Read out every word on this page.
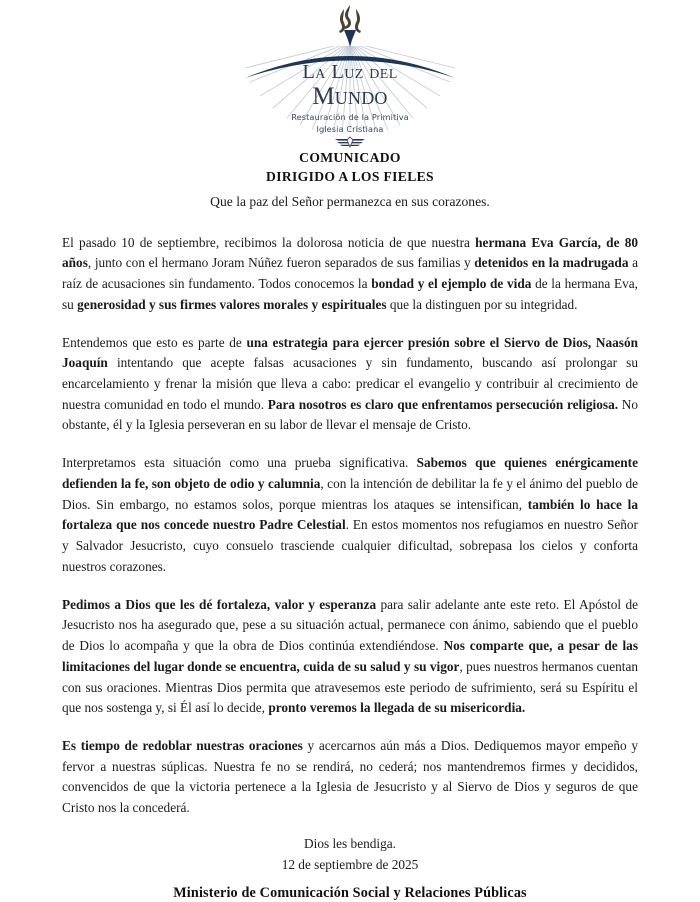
La Luz del
Mundo
Restauración de la Primitiva
Iglesia Cristiana
COMUNICADO
DIRIGIDO A LOS FIELES
Que la paz del Señor permanezca en sus corazones.

El pasado 10 de septiembre, recibimos la dolorosa noticia de que nuestra hermana Eva García, de 80 años, junto con el hermano Joram Núñez fueron separados de sus familias y detenidos en la madrugada a raíz de acusaciones sin fundamento. Todos conocemos la bondad y el ejemplo de vida de la hermana Eva, su generosidad y sus firmes valores morales y espirituales que la distinguen por su integridad.

Entendemos que esto es parte de una estrategia para ejercer presión sobre el Siervo de Dios, Naasón Joaquín intentando que acepte falsas acusaciones y sin fundamento, buscando así prolongar su encarcelamiento y frenar la misión que lleva a cabo: predicar el evangelio y contribuir al crecimiento de nuestra comunidad en todo el mundo. Para nosotros es claro que enfrentamos persecución religiosa. No obstante, él y la Iglesia perseveran en su labor de llevar el mensaje de Cristo.

Interpretamos esta situación como una prueba significativa. Sabemos que quienes enérgicamente defienden la fe, son objeto de odio y calumnia, con la intención de debilitar la fe y el ánimo del pueblo de Dios. Sin embargo, no estamos solos, porque mientras los ataques se intensifican, también lo hace la fortaleza que nos concede nuestro Padre Celestial. En estos momentos nos refugiamos en nuestro Señor y Salvador Jesucristo, cuyo consuelo trasciende cualquier dificultad, sobrepasa los cielos y conforta nuestros corazones.

Pedimos a Dios que les dé fortaleza, valor y esperanza para salir adelante ante este reto. El Apóstol de Jesucristo nos ha asegurado que, pese a su situación actual, permanece con ánimo, sabiendo que el pueblo de Dios lo acompaña y que la obra de Dios continúa extendiéndose. Nos comparte que, a pesar de las limitaciones del lugar donde se encuentra, cuida de su salud y su vigor, pues nuestros hermanos cuentan con sus oraciones. Mientras Dios permita que atravesemos este periodo de sufrimiento, será su Espíritu el que nos sostenga y, si Él así lo decide, pronto veremos la llegada de su misericordia.

Es tiempo de redoblar nuestras oraciones y acercarnos aún más a Dios. Dediquemos mayor empeño y fervor a nuestras súplicas. Nuestra fe no se rendirá, no cederá; nos mantendremos firmes y decididos, convencidos de que la victoria pertenece a la Iglesia de Jesucristo y al Siervo de Dios y seguros de que Cristo nos la concederá.

Dios les bendiga.
12 de septiembre de 2025
Ministerio de Comunicación Social y Relaciones Públicas
